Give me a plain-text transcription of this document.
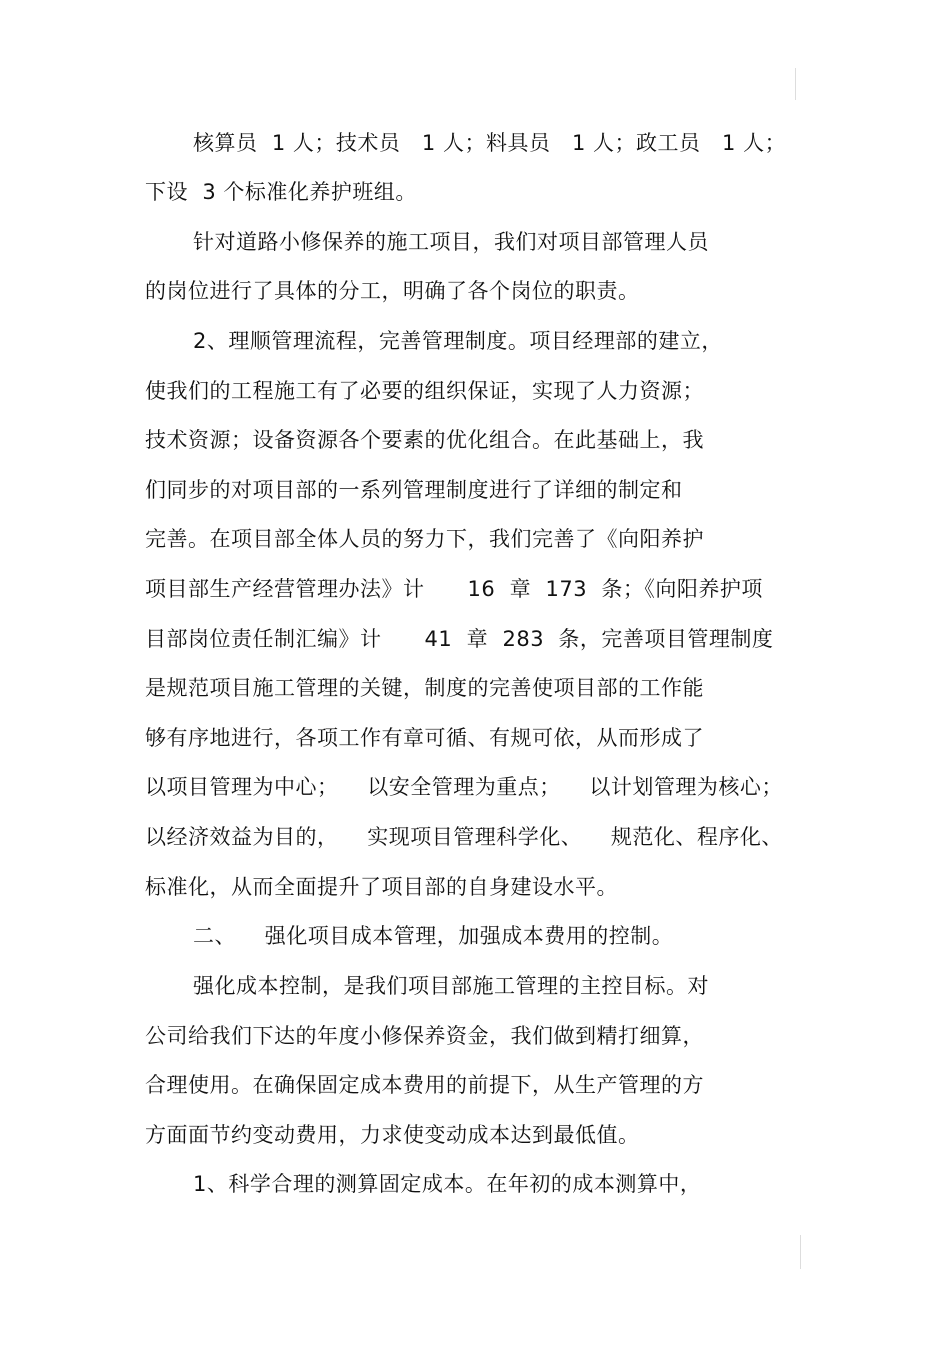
核算员  1 人；技术员   1 人；料具员   1 人；政工员   1 人；
下设  3 个标准化养护班组。
针对道路小修保养的施工项目，我们对项目部管理人员
的岗位进行了具体的分工，明确了各个岗位的职责。
2、理顺管理流程，完善管理制度。项目经理部的建立，
使我们的工程施工有了必要的组织保证，实现了人力资源；
技术资源；设备资源各个要素的优化组合。在此基础上，我
们同步的对项目部的一系列管理制度进行了详细的制定和
完善。在项目部全体人员的努力下，我们完善了《向阳养护
项目部生产经营管理办法》计      16  章  173  条；《向阳养护项
目部岗位责任制汇编》计      41  章  283  条，完善项目管理制度
是规范项目施工管理的关键，制度的完善使项目部的工作能
够有序地进行，各项工作有章可循、有规可依，从而形成了
以项目管理为中心；    以安全管理为重点；    以计划管理为核心；
以经济效益为目的，    实现项目管理科学化、    规范化、程序化、
标准化，从而全面提升了项目部的自身建设水平。
二、    强化项目成本管理，加强成本费用的控制。
强化成本控制，是我们项目部施工管理的主控目标。对
公司给我们下达的年度小修保养资金，我们做到精打细算，
合理使用。在确保固定成本费用的前提下，从生产管理的方
方面面节约变动费用，力求使变动成本达到最低值。
1、科学合理的测算固定成本。在年初的成本测算中，
